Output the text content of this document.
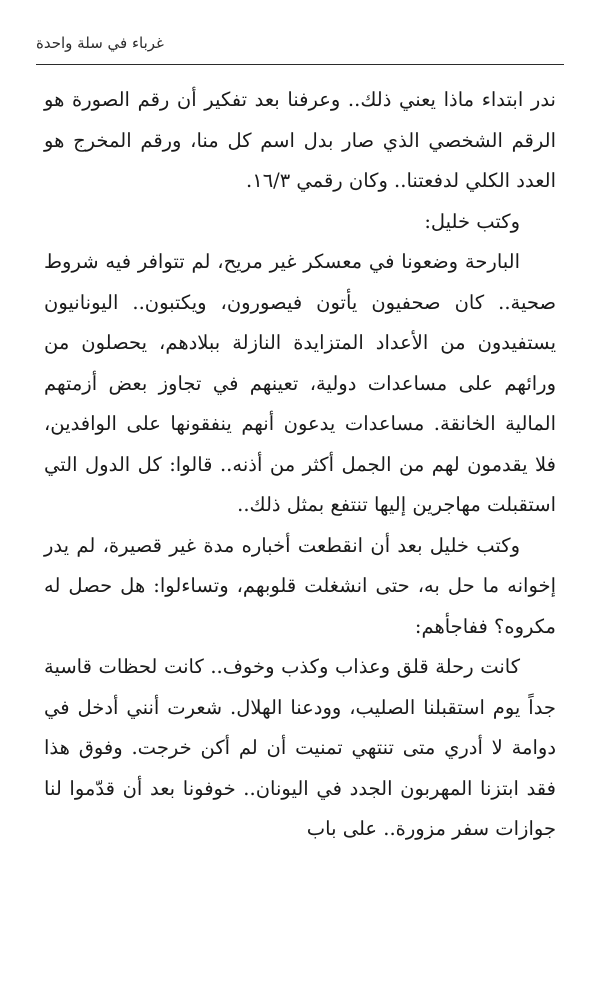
غرباء في سلة واحدة

ندر ابتداء ماذا يعني ذلك.. وعرفنا بعد تفكير أن رقم الصورة هو الرقم الشخصي الذي صار بدل اسم كل منا، ورقم المخرج هو العدد الكلي لدفعتنا.. وكان رقمي ١٦/٣.

وكتب خليل:

البارحة وضعونا في معسكر غير مريح، لم تتوافر فيه شروط صحية.. كان صحفيون يأتون فيصورون، ويكتبون.. اليونانيون يستفيدون من الأعداد المتزايدة النازلة ببلادهم، يحصلون من ورائهم على مساعدات دولية، تعينهم في تجاوز بعض أزمتهم المالية الخانقة. مساعدات يدعون أنهم ينفقونها على الوافدين، فلا يقدمون لهم من الجمل أكثر من أذنه.. قالوا: كل الدول التي استقبلت مهاجرين إليها تنتفع بمثل ذلك..

وكتب خليل بعد أن انقطعت أخباره مدة غير قصيرة، لم يدر إخوانه ما حل به، حتى انشغلت قلوبهم، وتساءلوا: هل حصل له مكروه؟ ففاجأهم:

كانت رحلة قلق وعذاب وكذب وخوف.. كانت لحظات قاسية جداً يوم استقبلنا الصليب، وودعنا الهلال. شعرت أنني أدخل في دوامة لا أدري متى تنتهي تمنيت أن لم أكن خرجت. وفوق هذا فقد ابتزنا المهربون الجدد في اليونان.. خوفونا بعد أن قدّموا لنا جوازات سفر مزورة.. على باب
